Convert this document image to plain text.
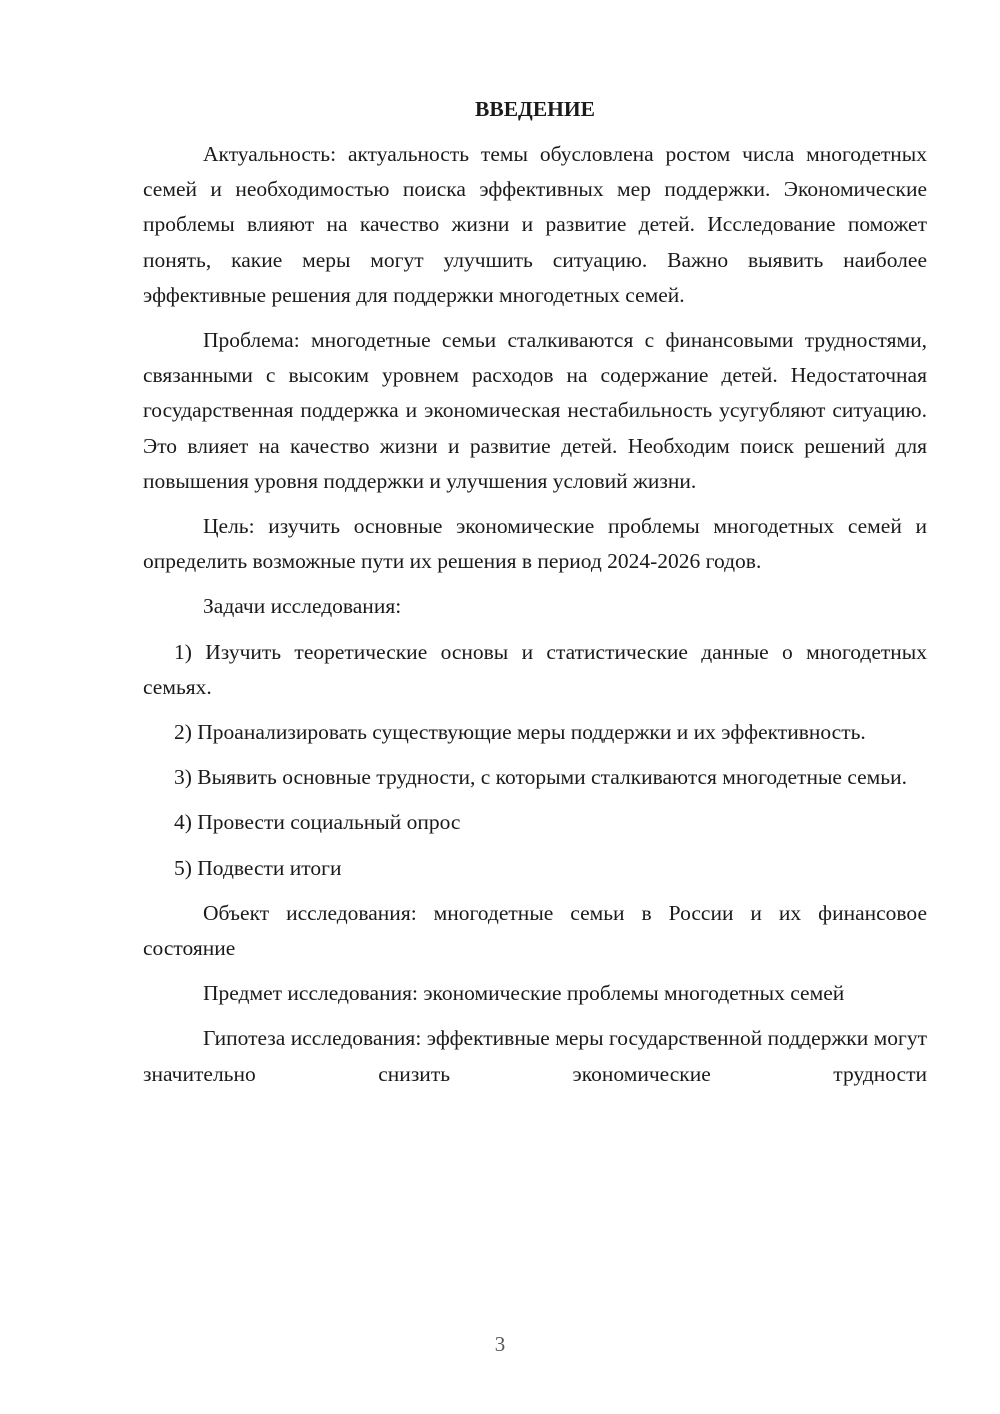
ВВЕДЕНИЕ

Актуальность: актуальность темы обусловлена ростом числа многодетных семей и необходимостью поиска эффективных мер поддержки. Экономические проблемы влияют на качество жизни и развитие детей. Исследование поможет понять, какие меры могут улучшить ситуацию. Важно выявить наиболее эффективные решения для поддержки многодетных семей.

Проблема: многодетные семьи сталкиваются с финансовыми трудностями, связанными с высоким уровнем расходов на содержание детей. Недостаточная государственная поддержка и экономическая нестабильность усугубляют ситуацию. Это влияет на качество жизни и развитие детей. Необходим поиск решений для повышения уровня поддержки и улучшения условий жизни.

Цель: изучить основные экономические проблемы многодетных семей и определить возможные пути их решения в период 2024-2026 годов.

Задачи исследования:

1) Изучить теоретические основы и статистические данные о многодетных семьях.

2) Проанализировать существующие меры поддержки и их эффективность.

3) Выявить основные трудности, с которыми сталкиваются многодетные семьи.

4) Провести социальный опрос

5) Подвести итоги

Объект исследования: многодетные семьи в России и их финансовое состояние

Предмет исследования: экономические проблемы многодетных семей

Гипотеза исследования: эффективные меры государственной поддержки могут значительно снизить экономические трудности

3
